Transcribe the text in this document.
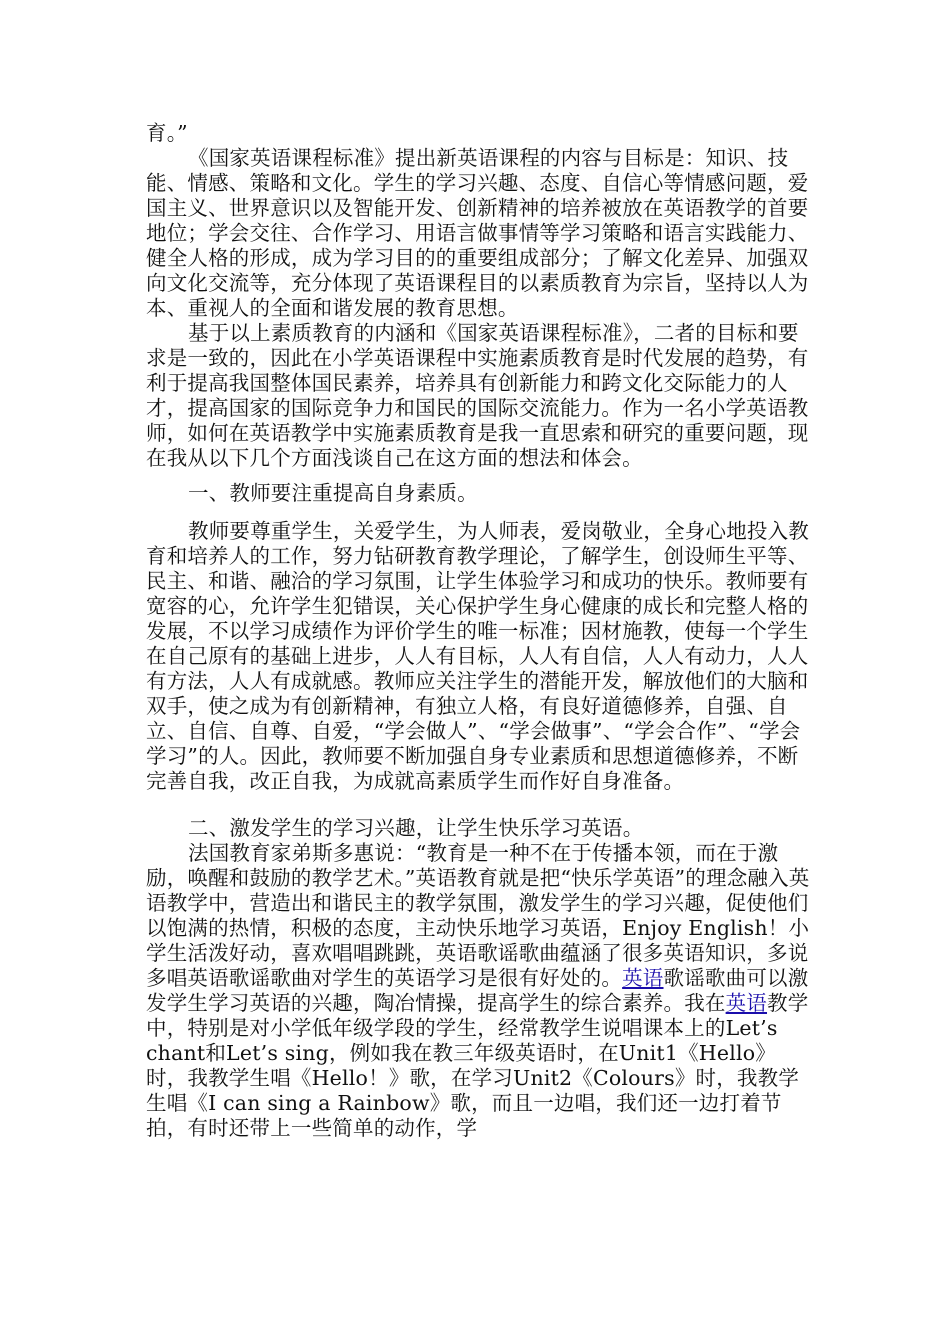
育。”

《国家英语课程标准》提出新英语课程的内容与目标是：知识、技能、情感、策略和文化。学生的学习兴趣、态度、自信心等情感问题，爱国主义、世界意识以及智能开发、创新精神的培养被放在英语教学的首要地位；学会交往、合作学习、用语言做事情等学习策略和语言实践能力、健全人格的形成，成为学习目的的重要组成部分；了解文化差异、加强双向文化交流等，充分体现了英语课程目的以素质教育为宗旨，坚持以人为本、重视人的全面和谐发展的教育思想。

基于以上素质教育的内涵和《国家英语课程标准》，二者的目标和要求是一致的，因此在小学英语课程中实施素质教育是时代发展的趋势，有利于提高我国整体国民素养，培养具有创新能力和跨文化交际能力的人才，提高国家的国际竞争力和国民的国际交流能力。作为一名小学英语教师，如何在英语教学中实施素质教育是我一直思索和研究的重要问题，现在我从以下几个方面浅谈自己在这方面的想法和体会。

一、教师要注重提高自身素质。

教师要尊重学生，关爱学生，为人师表，爱岗敬业，全身心地投入教育和培养人的工作，努力钻研教育教学理论，了解学生，创设师生平等、民主、和谐、融洽的学习氛围，让学生体验学习和成功的快乐。教师要有宽容的心，允许学生犯错误，关心保护学生身心健康的成长和完整人格的发展，不以学习成绩作为评价学生的唯一标准；因材施教，使每一个学生在自己原有的基础上进步，人人有目标，人人有自信，人人有动力，人人有方法，人人有成就感。教师应关注学生的潜能开发，解放他们的大脑和双手，使之成为有创新精神，有独立人格，有良好道德修养，自强、自立、自信、自尊、自爱，“学会做人”、“学会做事”、“学会合作”、“学会学习”的人。因此，教师要不断加强自身专业素质和思想道德修养，不断完善自我，改正自我，为成就高素质学生而作好自身准备。

二、激发学生的学习兴趣，让学生快乐学习英语。

法国教育家弟斯多惠说：“教育是一种不在于传播本领，而在于激励，唤醒和鼓励的教学艺术。”英语教育就是把“快乐学英语”的理念融入英语教学中，营造出和谐民主的教学氛围，激发学生的学习兴趣，促使他们以饱满的热情，积极的态度，主动快乐地学习英语，Enjoy English！小学生活泼好动，喜欢唱唱跳跳，英语歌谣歌曲蕴涵了很多英语知识，多说多唱英语歌谣歌曲对学生的英语学习是很有好处的。英语歌谣歌曲可以激发学生学习英语的兴趣，陶冶情操，提高学生的综合素养。我在英语教学中，特别是对小学低年级学段的学生，经常教学生说唱课本上的Let’s chant和Let’s sing，例如我在教三年级英语时，在Unit1《Hello》时，我教学生唱《Hello！》歌，在学习Unit2《Colours》时，我教学生唱《I can sing a Rainbow》歌，而且一边唱，我们还一边打着节拍，有时还带上一些简单的动作，学
